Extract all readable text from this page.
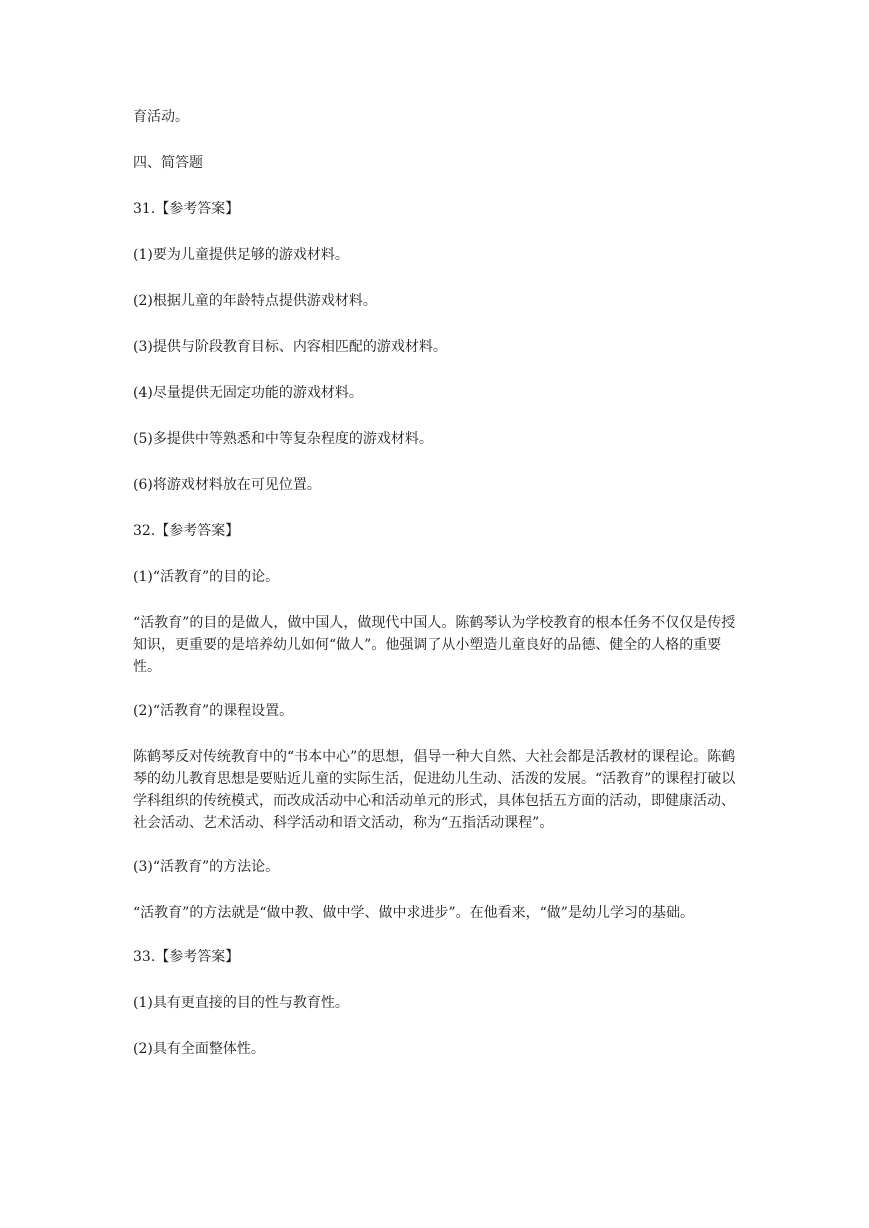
育活动。

四、简答题

31.【参考答案】

(1)要为儿童提供足够的游戏材料。

(2)根据儿童的年龄特点提供游戏材料。

(3)提供与阶段教育目标、内容相匹配的游戏材料。

(4)尽量提供无固定功能的游戏材料。

(5)多提供中等熟悉和中等复杂程度的游戏材料。

(6)将游戏材料放在可见位置。

32.【参考答案】

(1)“活教育”的目的论。

“活教育”的目的是做人，做中国人，做现代中国人。陈鹤琴认为学校教育的根本任务不仅仅是传授知识，更重要的是培养幼儿如何“做人”。他强调了从小塑造儿童良好的品德、健全的人格的重要性。

(2)“活教育”的课程设置。

陈鹤琴反对传统教育中的“书本中心”的思想，倡导一种大自然、大社会都是活教材的课程论。陈鹤琴的幼儿教育思想是要贴近儿童的实际生活，促进幼儿生动、活泼的发展。“活教育”的课程打破以学科组织的传统模式，而改成活动中心和活动单元的形式，具体包括五方面的活动，即健康活动、社会活动、艺术活动、科学活动和语文活动，称为“五指活动课程”。

(3)“活教育”的方法论。

“活教育”的方法就是“做中教、做中学、做中求进步”。在他看来，“做”是幼儿学习的基础。

33.【参考答案】

(1)具有更直接的目的性与教育性。

(2)具有全面整体性。
